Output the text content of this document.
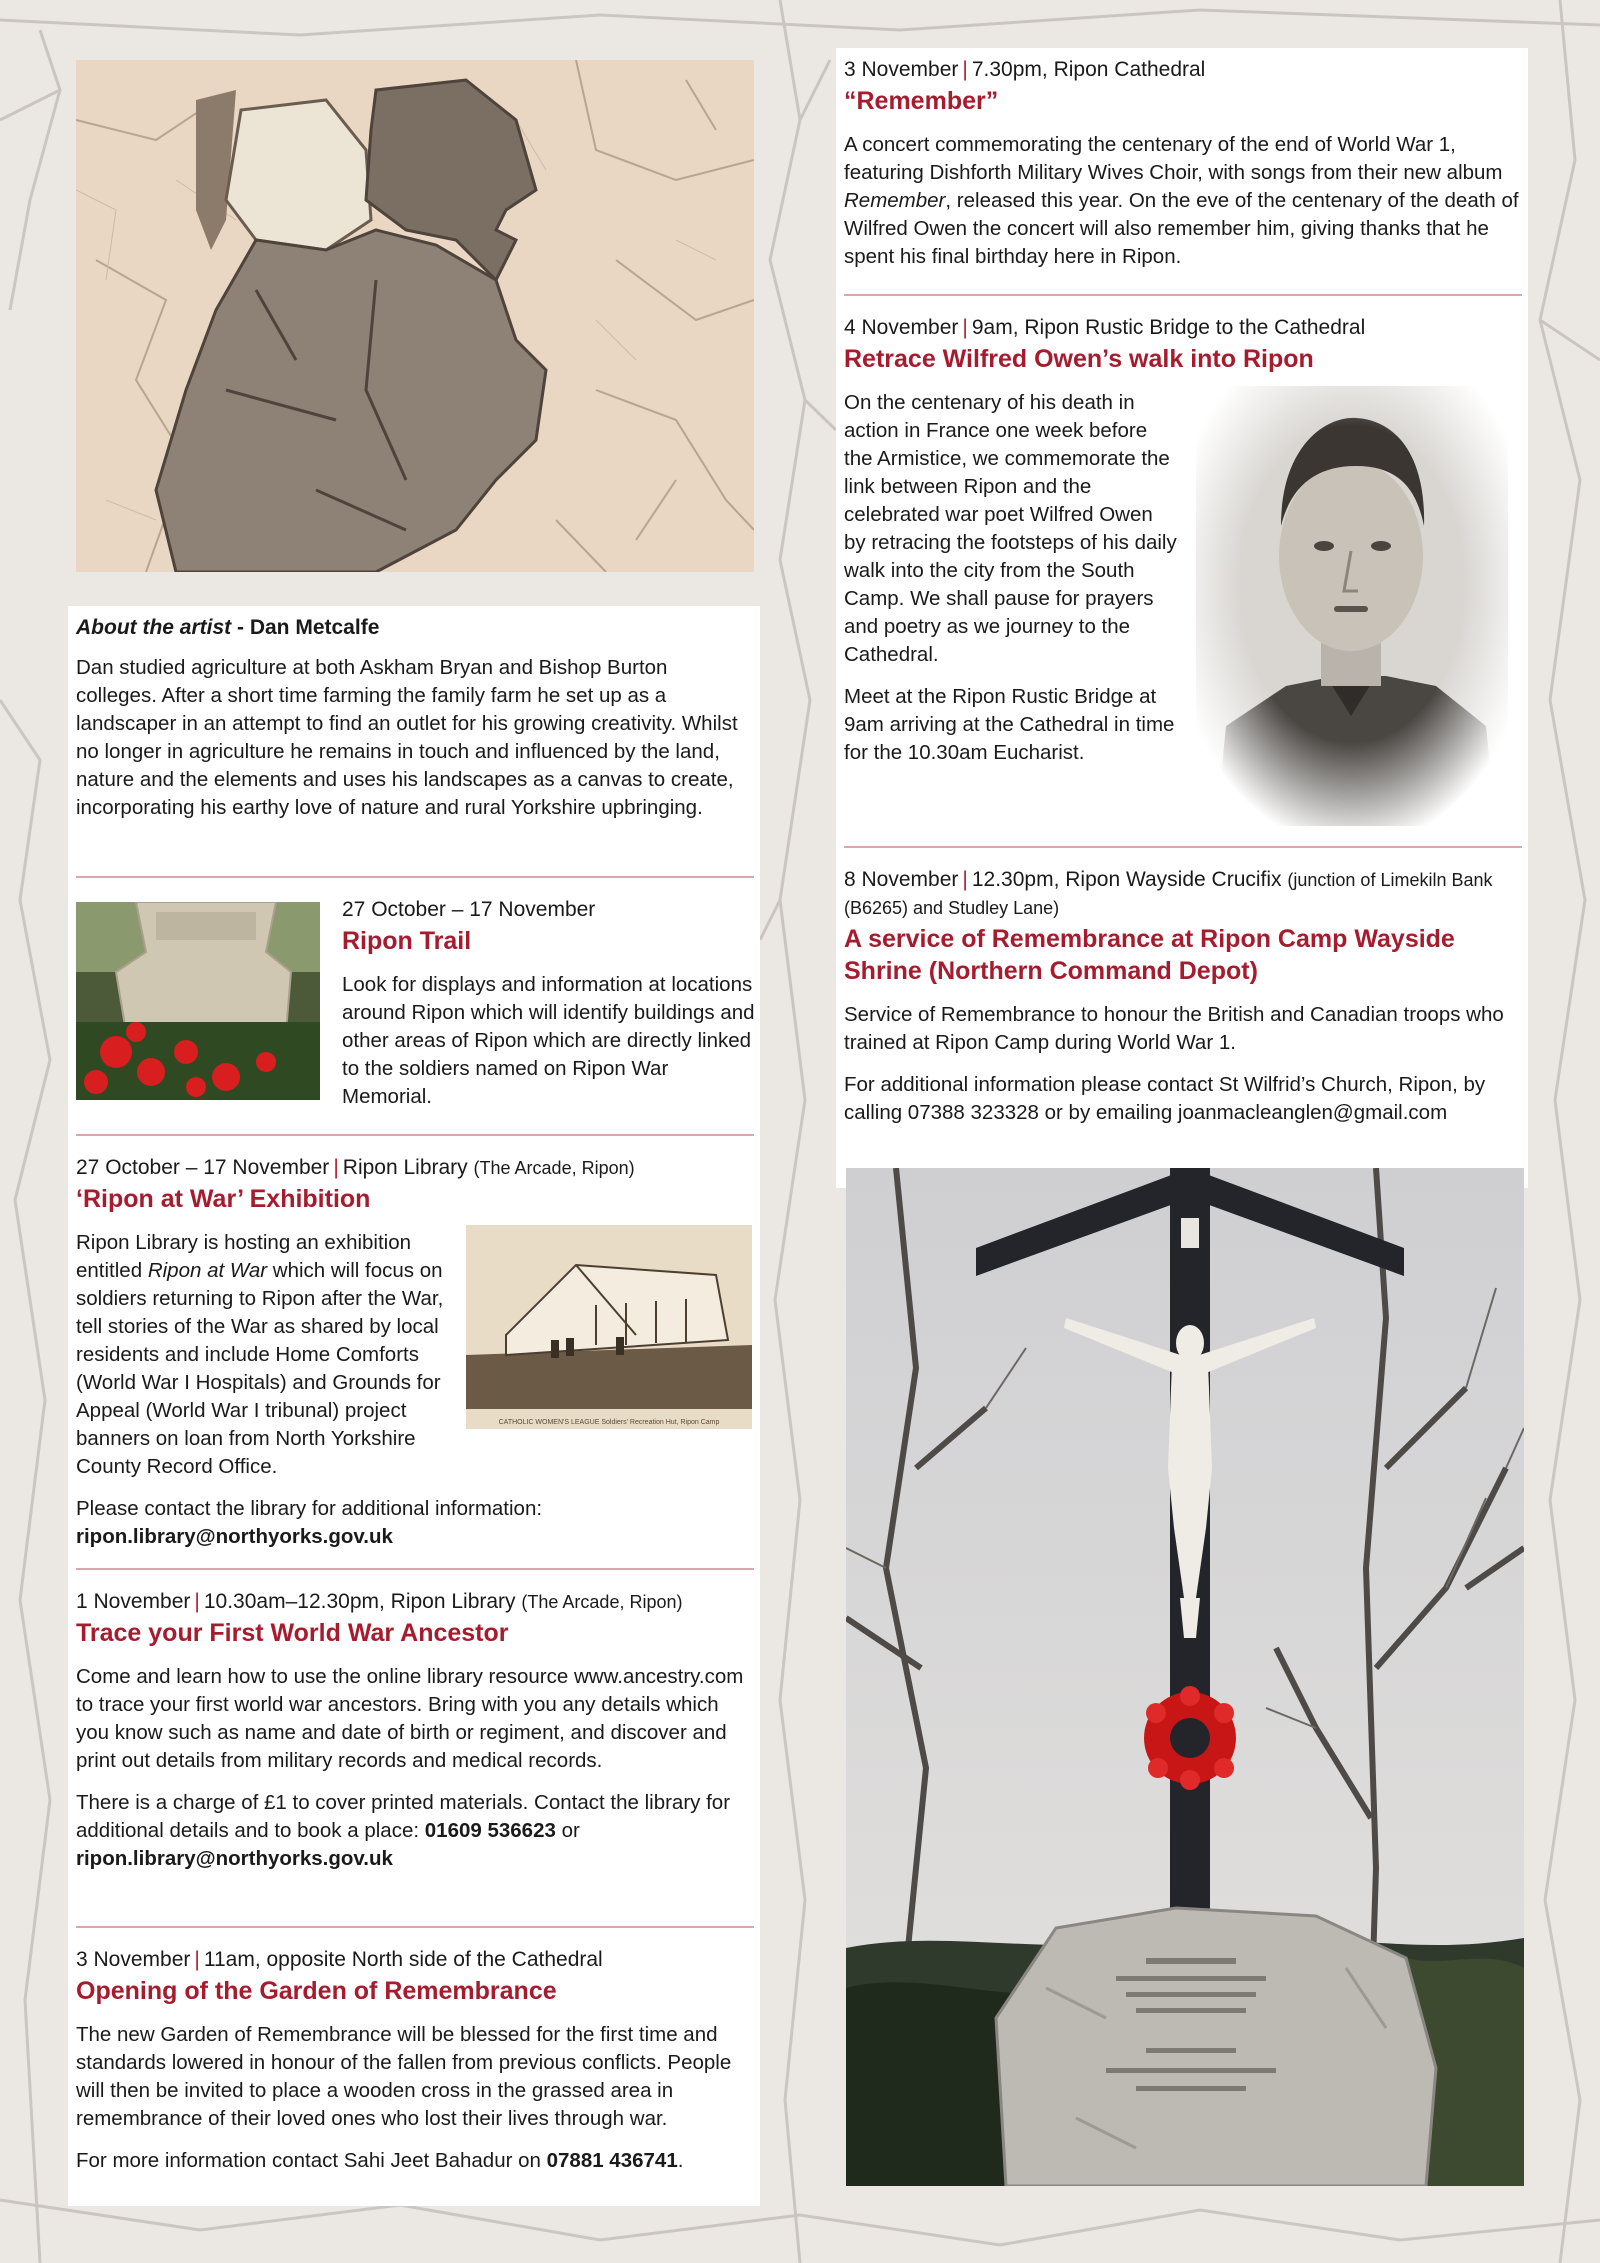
About the artist - Dan Metcalfe

Dan studied agriculture at both Askham Bryan and Bishop Burton colleges. After a short time farming the family farm he set up as a landscaper in an attempt to find an outlet for his growing creativity. Whilst no longer in agriculture he remains in touch and influenced by the land, nature and the elements and uses his landscapes as a canvas to create, incorporating his earthy love of nature and rural Yorkshire upbringing.

27 October – 17 November
Ripon Trail

Look for displays and information at locations around Ripon which will identify buildings and other areas of Ripon which are directly linked to the soldiers named on Ripon War Memorial.

27 October – 17 November | Ripon Library (The Arcade, Ripon)
‘Ripon at War’ Exhibition
CATHOLIC WOMEN'S LEAGUE Soldiers' Recreation Hut, Ripon Camp

Ripon Library is hosting an exhibition entitled Ripon at War which will focus on soldiers returning to Ripon after the War, tell stories of the War as shared by local residents and include Home Comforts (World War I Hospitals) and Grounds for Appeal (World War I tribunal) project banners on loan from North Yorkshire County Record Office.

Please contact the library for additional information:
ripon.library@northyorks.gov.uk

1 November | 10.30am–12.30pm, Ripon Library (The Arcade, Ripon)
Trace your First World War Ancestor

Come and learn how to use the online library resource www.ancestry.com to trace your first world war ancestors. Bring with you any details which you know such as name and date of birth or regiment, and discover and print out details from military records and medical records.

There is a charge of £1 to cover printed materials. Contact the library for additional details and to book a place: 01609 536623 or
ripon.library@northyorks.gov.uk

3 November | 11am, opposite North side of the Cathedral
Opening of the Garden of Remembrance

The new Garden of Remembrance will be blessed for the first time and standards lowered in honour of the fallen from previous conflicts. People will then be invited to place a wooden cross in the grassed area in remembrance of their loved ones who lost their lives through war.

For more information contact Sahi Jeet Bahadur on 07881 436741.

3 November | 7.30pm, Ripon Cathedral
“Remember”

A concert commemorating the centenary of the end of World War 1, featuring Dishforth Military Wives Choir, with songs from their new album Remember, released this year. On the eve of the centenary of the death of Wilfred Owen the concert will also remember him, giving thanks that he spent his final birthday here in Ripon.

4 November | 9am, Ripon Rustic Bridge to the Cathedral
Retrace Wilfred Owen’s walk into Ripon

On the centenary of his death in action in France one week before the Armistice, we commemorate the link between Ripon and the celebrated war poet Wilfred Owen by retracing the footsteps of his daily walk into the city from the South Camp. We shall pause for prayers and poetry as we journey to the Cathedral.

Meet at the Ripon Rustic Bridge at 9am arriving at the Cathedral in time for the 10.30am Eucharist.

8 November | 12.30pm, Ripon Wayside Crucifix (junction of Limekiln Bank (B6265) and Studley Lane)
A service of Remembrance at Ripon Camp Wayside Shrine (Northern Command Depot)

Service of Remembrance to honour the British and Canadian troops who trained at Ripon Camp during World War 1.

For additional information please contact St Wilfrid’s Church, Ripon, by calling 07388 323328 or by emailing joanmacleanglen@gmail.com
